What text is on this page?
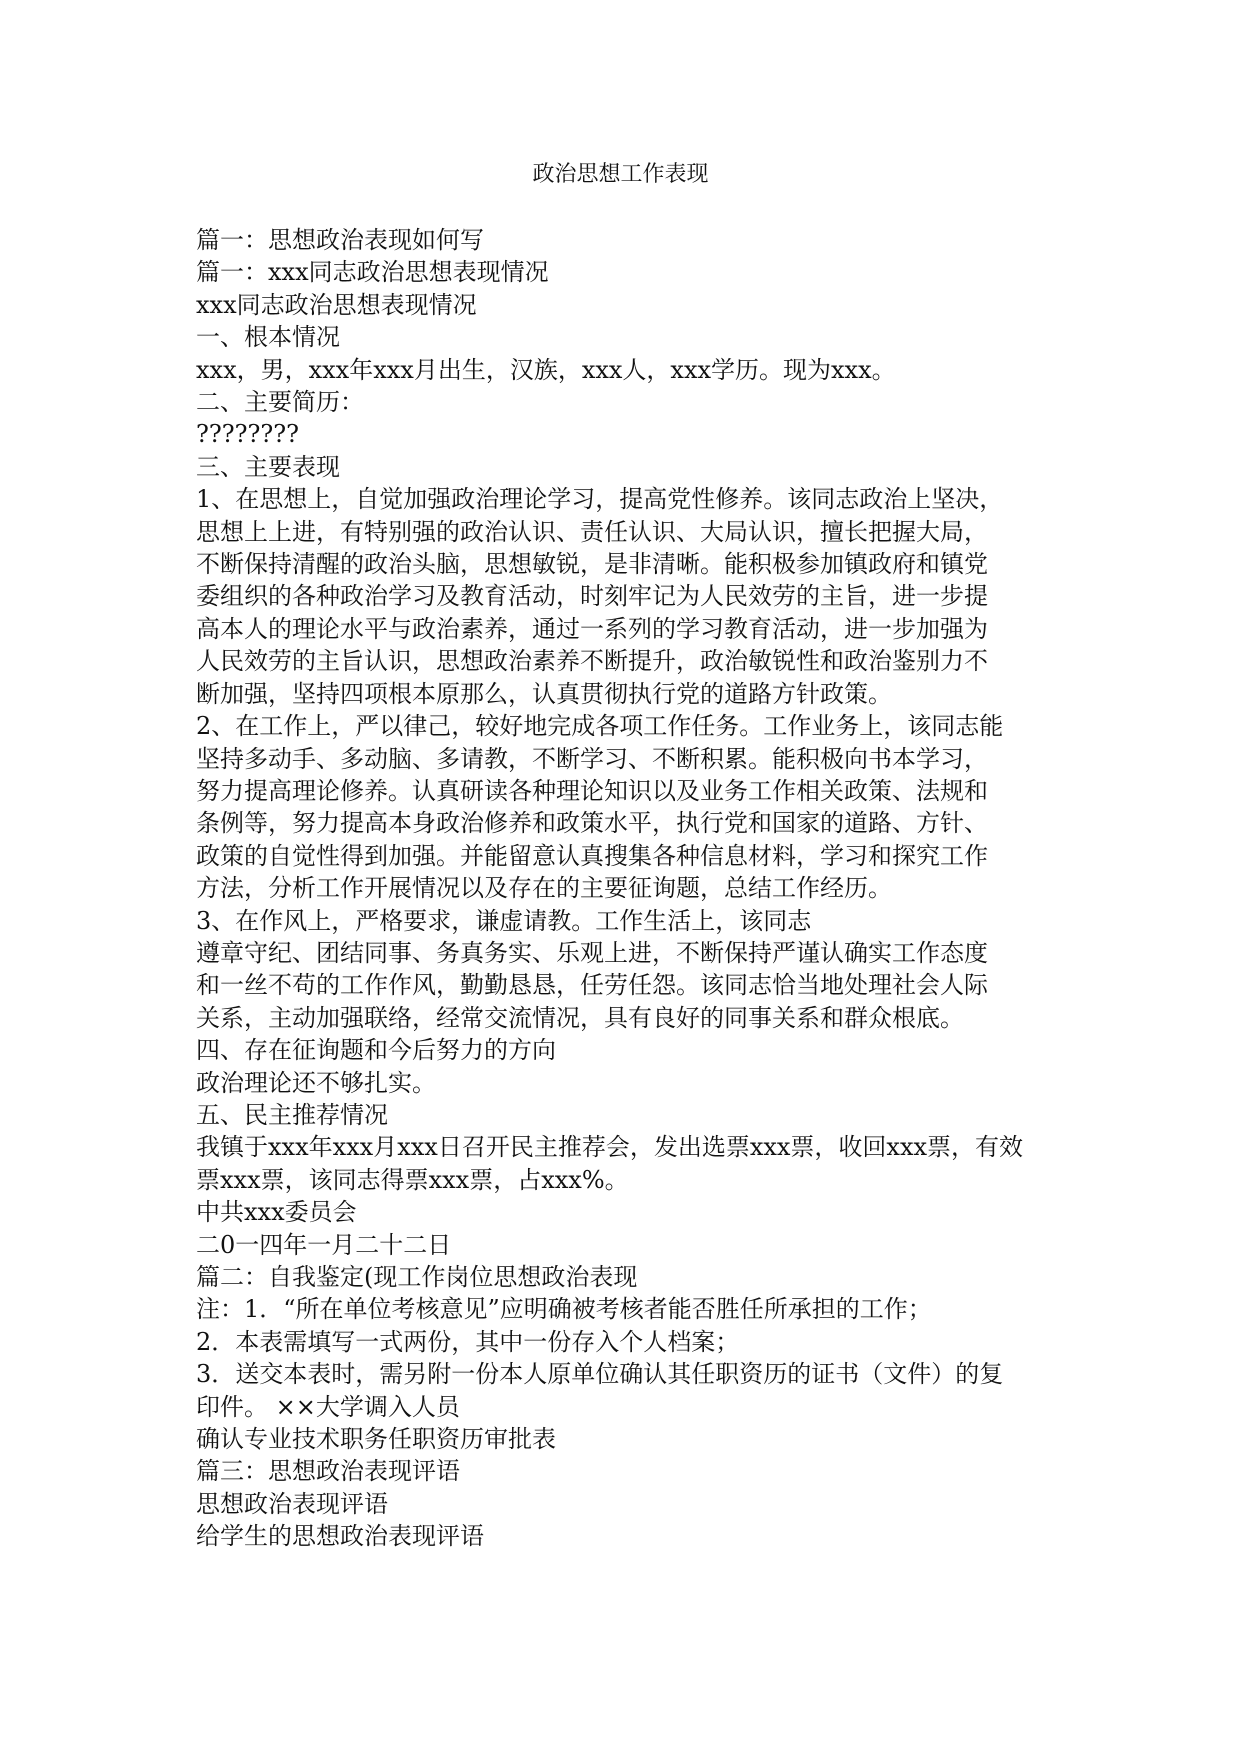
政治思想工作表现

篇一：思想政治表现如何写

篇一：xxx同志政治思想表现情况

xxx同志政治思想表现情况

一、根本情况

xxx，男，xxx年xxx月出生，汉族，xxx人，xxx学历。现为xxx。

二、主要简历：

????????

三、主要表现

1、在思想上，自觉加强政治理论学习，提高党性修养。该同志政治上坚决，

思想上上进，有特别强的政治认识、责任认识、大局认识，擅长把握大局，

不断保持清醒的政治头脑，思想敏锐，是非清晰。能积极参加镇政府和镇党

委组织的各种政治学习及教育活动，时刻牢记为人民效劳的主旨，进一步提

高本人的理论水平与政治素养，通过一系列的学习教育活动，进一步加强为

人民效劳的主旨认识，思想政治素养不断提升，政治敏锐性和政治鉴别力不

断加强，坚持四项根本原那么，认真贯彻执行党的道路方针政策。

2、在工作上，严以律己，较好地完成各项工作任务。工作业务上，该同志能

坚持多动手、多动脑、多请教，不断学习、不断积累。能积极向书本学习，

努力提高理论修养。认真研读各种理论知识以及业务工作相关政策、法规和

条例等，努力提高本身政治修养和政策水平，执行党和国家的道路、方针、

政策的自觉性得到加强。并能留意认真搜集各种信息材料，学习和探究工作

方法，分析工作开展情况以及存在的主要征询题，总结工作经历。

3、在作风上，严格要求，谦虚请教。工作生活上，该同志

遵章守纪、团结同事、务真务实、乐观上进，不断保持严谨认确实工作态度

和一丝不苟的工作作风，勤勤恳恳，任劳任怨。该同志恰当地处理社会人际

关系，主动加强联络，经常交流情况，具有良好的同事关系和群众根底。

四、存在征询题和今后努力的方向

政治理论还不够扎实。

五、民主推荐情况

我镇于xxx年xxx月xxx日召开民主推荐会，发出选票xxx票，收回xxx票，有效

票xxx票，该同志得票xxx票，占xxx%。

中共xxx委员会

二0一四年一月二十二日

篇二：自我鉴定(现工作岗位思想政治表现

注：1．“所在单位考核意见”应明确被考核者能否胜任所承担的工作；

2．本表需填写一式两份，其中一份存入个人档案；

3．送交本表时，需另附一份本人原单位确认其任职资历的证书（文件）的复

印件。 ××大学调入人员

确认专业技术职务任职资历审批表

篇三：思想政治表现评语

思想政治表现评语

给学生的思想政治表现评语
